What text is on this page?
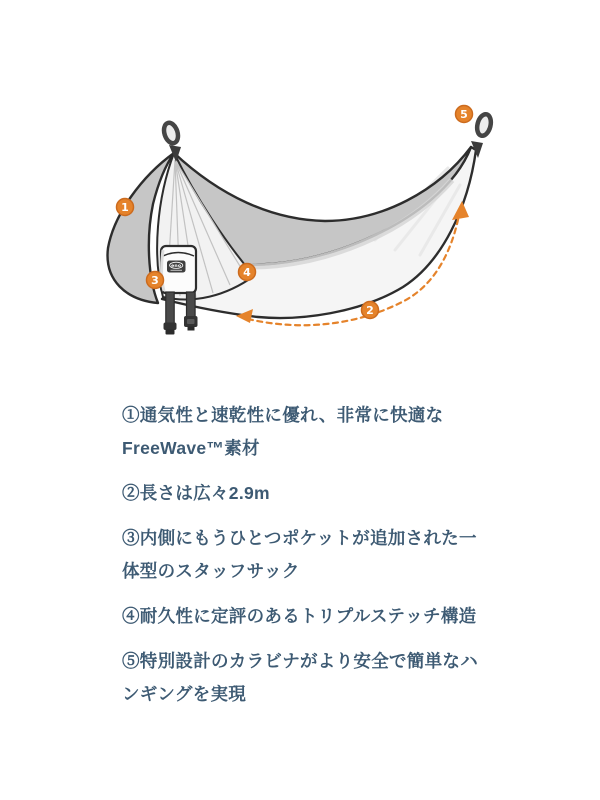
eno
1
2
3
4
5

①通気性と速乾性に優れ、非常に快適なFreeWave™素材

②長さは広々2.9m

③内側にもうひとつポケットが追加された一体型のスタッフサック

④耐久性に定評のあるトリプルステッチ構造

⑤特別設計のカラビナがより安全で簡単なハンギングを実現
